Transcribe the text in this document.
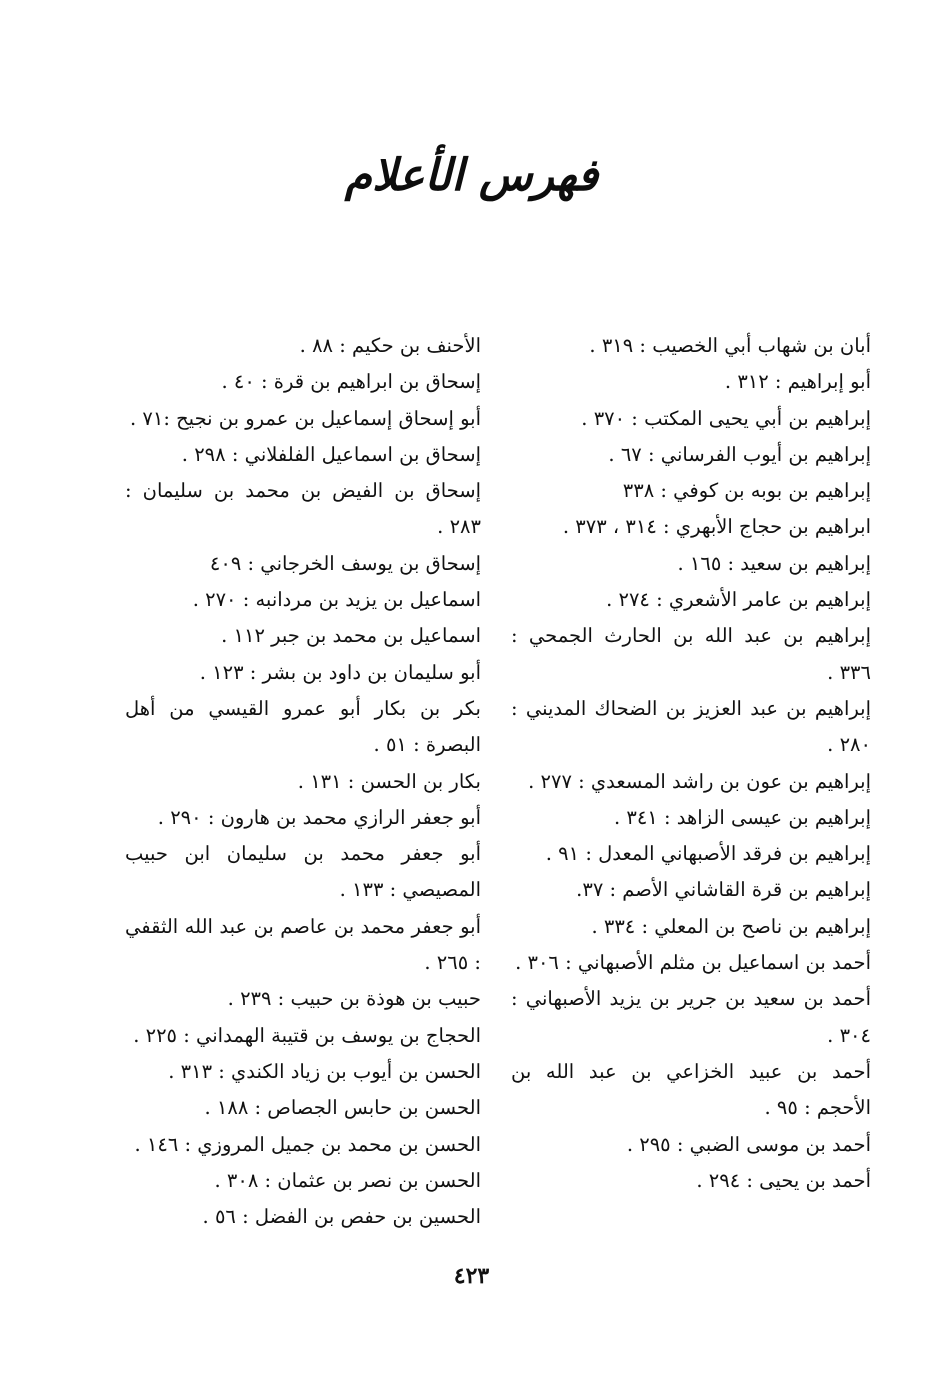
فهرس الأعلام
أبان بن شهاب أبي الخصيب : ٣١٩ .
أبو إبراهيم : ٣١٢ .
إبراهيم بن أبي يحيى المكتب : ٣٧٠ .
إبراهيم بن أيوب الفرساني : ٦٧ .
إبراهيم بن بوبه بن كوفي : ٣٣٨
ابراهيم بن حجاج الأبهري : ٣١٤ ، ٣٧٣ .
إبراهيم بن سعيد : ١٦٥ .
إبراهيم بن عامر الأشعري : ٢٧٤ .
إبراهيم بن عبد الله بن الحارث الجمحي : ٣٣٦ .
إبراهيم بن عبد العزيز بن الضحاك المديني : ٢٨٠ .
إبراهيم بن عون بن راشد المسعدي : ٢٧٧ .
إبراهيم بن عيسى الزاهد : ٣٤١ .
إبراهيم بن فرقد الأصبهاني المعدل : ٩١ .
إبراهيم بن قرة القاشاني الأصم : ٣٧.
إبراهيم بن ناصح بن المعلي : ٣٣٤ .
أحمد بن اسماعيل بن مثلم الأصبهاني : ٣٠٦ .
أحمد بن سعيد بن جرير بن يزيد الأصبهاني : ٣٠٤ .
أحمد بن عبيد الخزاعي بن عبد الله بن الأحجم : ٩٥ .
أحمد بن موسى الضبي : ٢٩٥ .
أحمد بن يحيى : ٢٩٤ .
الأحنف بن حكيم : ٨٨ .
إسحاق بن ابراهيم بن قرة : ٤٠ .
أبو إسحاق إسماعيل بن عمرو بن نجيح :٧١ .
إسحاق بن اسماعيل الفلفلاني : ٢٩٨ .
إسحاق بن الفيض بن محمد بن سليمان : ٢٨٣ .
إسحاق بن يوسف الخرجاني : ٤٠٩
اسماعيل بن يزيد بن مردانبه : ٢٧٠ .
اسماعيل بن محمد بن جبر ١١٢ .
أبو سليمان بن داود بن بشر : ١٢٣ .
بكر بن بكار أبو عمرو القيسي من أهل البصرة : ٥١ .
بكار بن الحسن : ١٣١ .
أبو جعفر الرازي محمد بن هارون : ٢٩٠ .
أبو جعفر محمد بن سليمان ابن حبيب المصيصي : ١٣٣ .
أبو جعفر محمد بن عاصم بن عبد الله الثقفي : ٢٦٥ .
حبيب بن هوذة بن حبيب : ٢٣٩ .
الحجاج بن يوسف بن قتيبة الهمداني : ٢٢٥ .
الحسن بن أيوب بن زياد الكندي : ٣١٣ .
الحسن بن حابس الجصاص : ١٨٨ .
الحسن بن محمد بن جميل المروزي : ١٤٦ .
الحسن بن نصر بن عثمان : ٣٠٨ .
الحسين بن حفص بن الفضل : ٥٦ .
٤٢٣
